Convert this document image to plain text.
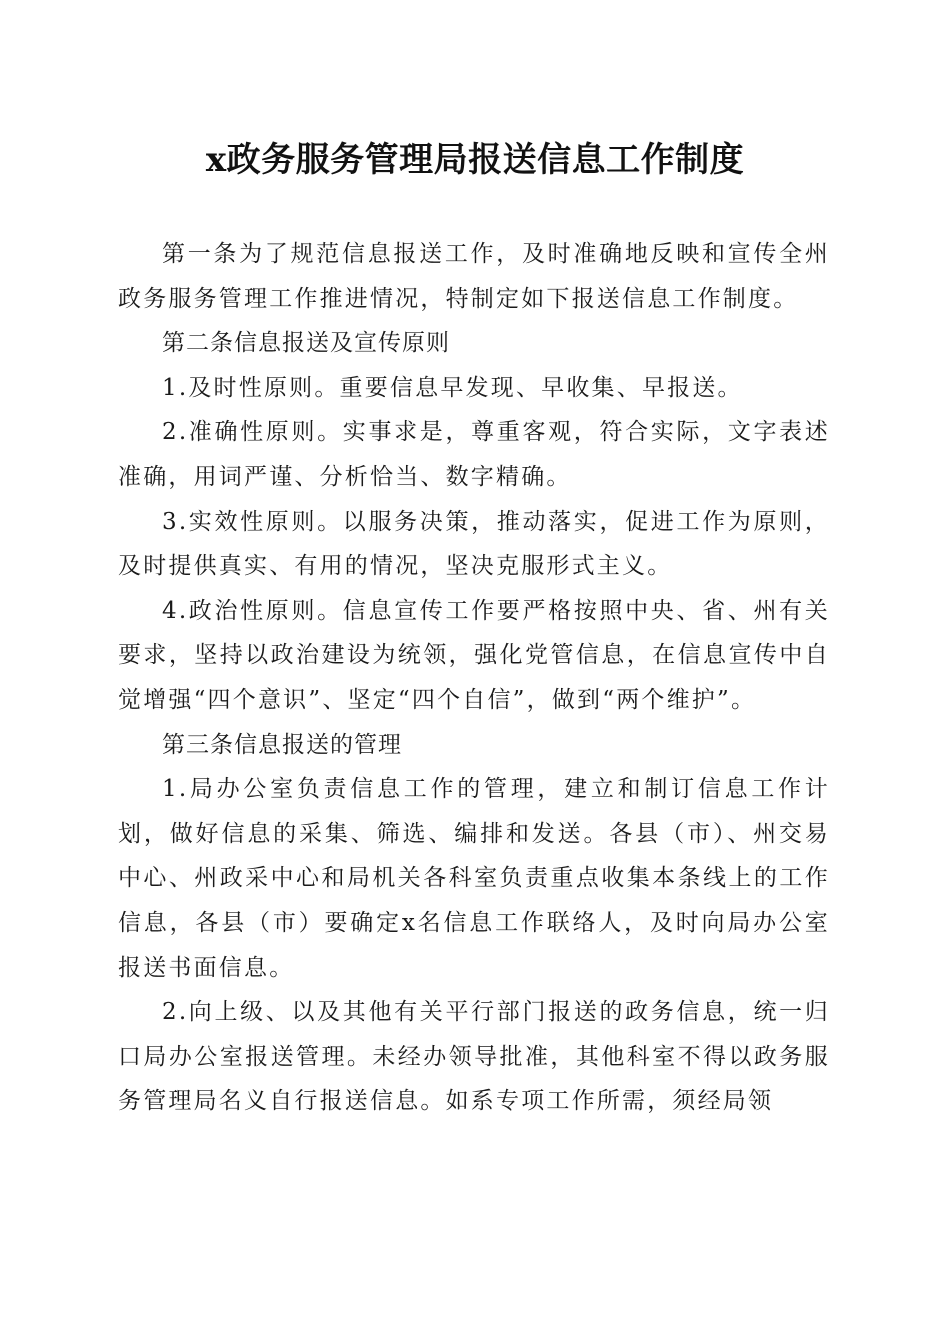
x政务服务管理局报送信息工作制度

第一条为了规范信息报送工作，及时准确地反映和宣传全州政务服务管理工作推进情况，特制定如下报送信息工作制度。

第二条信息报送及宣传原则

1.及时性原则。重要信息早发现、早收集、早报送。

2.准确性原则。实事求是，尊重客观，符合实际，文字表述准确，用词严谨、分析恰当、数字精确。

3.实效性原则。以服务决策，推动落实，促进工作为原则，及时提供真实、有用的情况，坚决克服形式主义。

4.政治性原则。信息宣传工作要严格按照中央、省、州有关要求，坚持以政治建设为统领，强化党管信息，在信息宣传中自觉增强“四个意识”、坚定“四个自信”，做到“两个维护”。

第三条信息报送的管理

1.局办公室负责信息工作的管理，建立和制订信息工作计划，做好信息的采集、筛选、编排和发送。各县（市）、州交易中心、州政采中心和局机关各科室负责重点收集本条线上的工作信息，各县（市）要确定x名信息工作联络人，及时向局办公室报送书面信息。

2.向上级、以及其他有关平行部门报送的政务信息，统一归口局办公室报送管理。未经办领导批准，其他科室不得以政务服务管理局名义自行报送信息。如系专项工作所需，须经局领
